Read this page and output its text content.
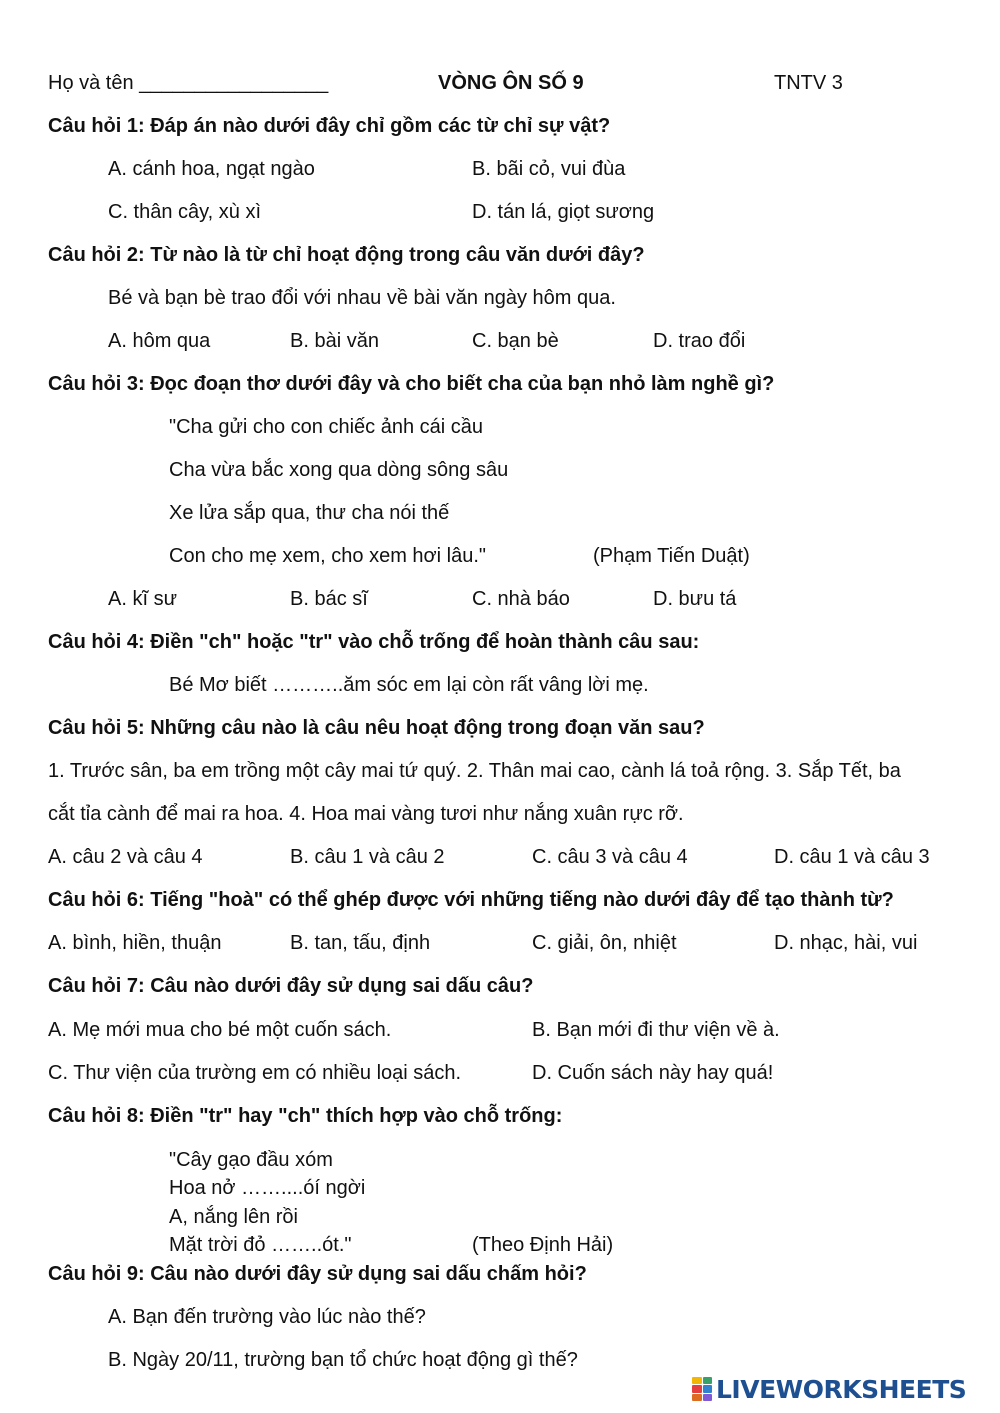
Họ và tên _________________	VÒNG ÔN SỐ 9	TNTV 3
Câu hỏi 1: Đáp án nào dưới đây chỉ gồm các từ chỉ sự vật?
A. cánh hoa, ngạt ngào	B. bãi cỏ, vui đùa
C. thân cây, xù xì	D. tán lá, giọt sương
Câu hỏi 2: Từ nào là từ chỉ hoạt động trong câu văn dưới đây?
Bé và bạn bè trao đổi với nhau về bài văn ngày hôm qua.
A. hôm qua	B. bài văn	C. bạn bè	D. trao đổi
Câu hỏi 3: Đọc đoạn thơ dưới đây và cho biết cha của bạn nhỏ làm nghề gì?
"Cha gửi cho con chiếc ảnh cái cầu
Cha vừa bắc xong qua dòng sông sâu
Xe lửa sắp qua, thư cha nói thế
Con cho mẹ xem, cho xem hơi lâu."	(Phạm Tiến Duật)
A. kĩ sư	B. bác sĩ	C. nhà báo	D. bưu tá
Câu hỏi 4: Điền "ch" hoặc "tr" vào chỗ trống để hoàn thành câu sau:
Bé Mơ biết ………..ăm sóc em lại còn rất vâng lời mẹ.
Câu hỏi 5: Những câu nào là câu nêu hoạt động trong đoạn văn sau?
1. Trước sân, ba em trồng một cây mai tứ quý. 2. Thân mai cao, cành lá toả rộng. 3. Sắp Tết, ba
cắt tỉa cành để mai ra hoa. 4. Hoa mai vàng tươi như nắng xuân rực rỡ.
A. câu 2 và câu 4	B. câu 1 và câu 2	C. câu 3 và câu 4	D. câu 1 và câu 3
Câu hỏi 6: Tiếng "hoà" có thể ghép được với những tiếng nào dưới đây để tạo thành từ?
A. bình, hiền, thuận	B. tan, tấu, định	C. giải, ôn, nhiệt	D. nhạc, hài, vui
Câu hỏi 7: Câu nào dưới đây sử dụng sai dấu câu?
A. Mẹ mới mua cho bé một cuốn sách.	B. Bạn mới đi thư viện về à.
C. Thư viện của trường em có nhiều loại sách.	D. Cuốn sách này hay quá!
Câu hỏi 8: Điền "tr" hay "ch" thích hợp vào chỗ trống:
"Cây gạo đầu xóm
Hoa nở ……....óí ngời
A, nắng lên rồi
Mặt trời đỏ ……..ót."	(Theo Định Hải)
Câu hỏi 9: Câu nào dưới đây sử dụng sai dấu chấm hỏi?
A. Bạn đến trường vào lúc nào thế?
B. Ngày 20/11, trường bạn tổ chức hoạt động gì thế?
LIVEWORKSHEETS
